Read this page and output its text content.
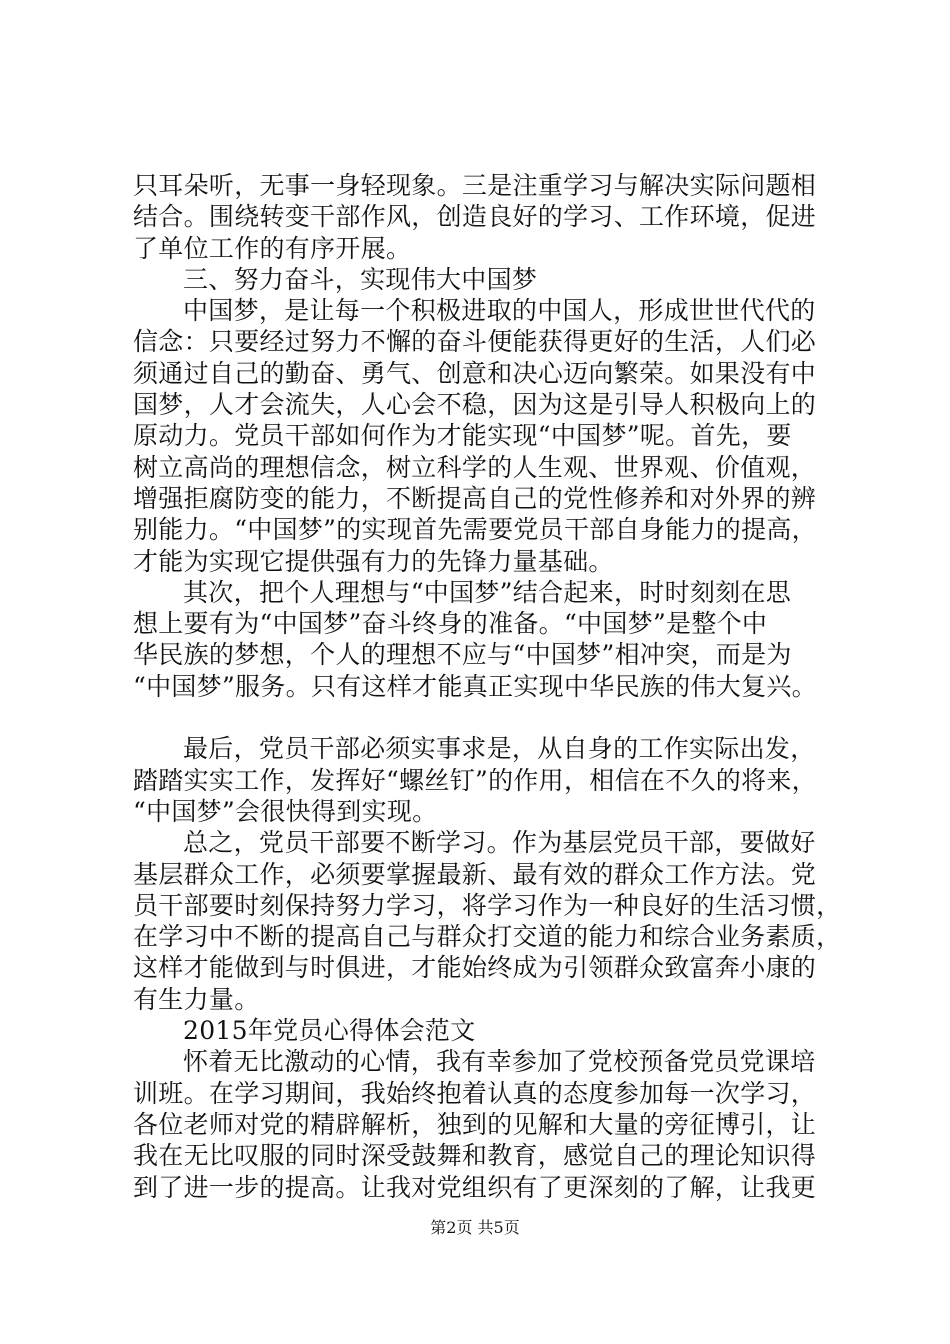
只耳朵听，无事一身轻现象。三是注重学习与解决实际问题相
结合。围绕转变干部作风，创造良好的学习、工作环境，促进
了单位工作的有序开展。
三、努力奋斗，实现伟大中国梦
中国梦，是让每一个积极进取的中国人，形成世世代代的
信念：只要经过努力不懈的奋斗便能获得更好的生活，人们必
须通过自己的勤奋、勇气、创意和决心迈向繁荣。如果没有中
国梦，人才会流失，人心会不稳，因为这是引导人积极向上的
原动力。党员干部如何作为才能实现“中国梦”呢。首先，要
树立高尚的理想信念，树立科学的人生观、世界观、价值观，
增强拒腐防变的能力，不断提高自己的党性修养和对外界的辨
别能力。“中国梦”的实现首先需要党员干部自身能力的提高，
才能为实现它提供强有力的先锋力量基础。
其次，把个人理想与“中国梦”结合起来，时时刻刻在思
想上要有为“中国梦”奋斗终身的准备。“中国梦”是整个中
华民族的梦想，个人的理想不应与“中国梦”相冲突，而是为
“中国梦”服务。只有这样才能真正实现中华民族的伟大复兴。
最后，党员干部必须实事求是，从自身的工作实际出发，
踏踏实实工作，发挥好“螺丝钉”的作用，相信在不久的将来，
“中国梦”会很快得到实现。
总之，党员干部要不断学习。作为基层党员干部，要做好
基层群众工作，必须要掌握最新、最有效的群众工作方法。党
员干部要时刻保持努力学习，将学习作为一种良好的生活习惯，
在学习中不断的提高自己与群众打交道的能力和综合业务素质，
这样才能做到与时俱进，才能始终成为引领群众致富奔小康的
有生力量。
2015年党员心得体会范文
怀着无比激动的心情，我有幸参加了党校预备党员党课培
训班。在学习期间，我始终抱着认真的态度参加每一次学习，
各位老师对党的精辟解析，独到的见解和大量的旁征博引，让
我在无比叹服的同时深受鼓舞和教育，感觉自己的理论知识得
到了进一步的提高。让我对党组织有了更深刻的了解，让我更
第2页 共5页
